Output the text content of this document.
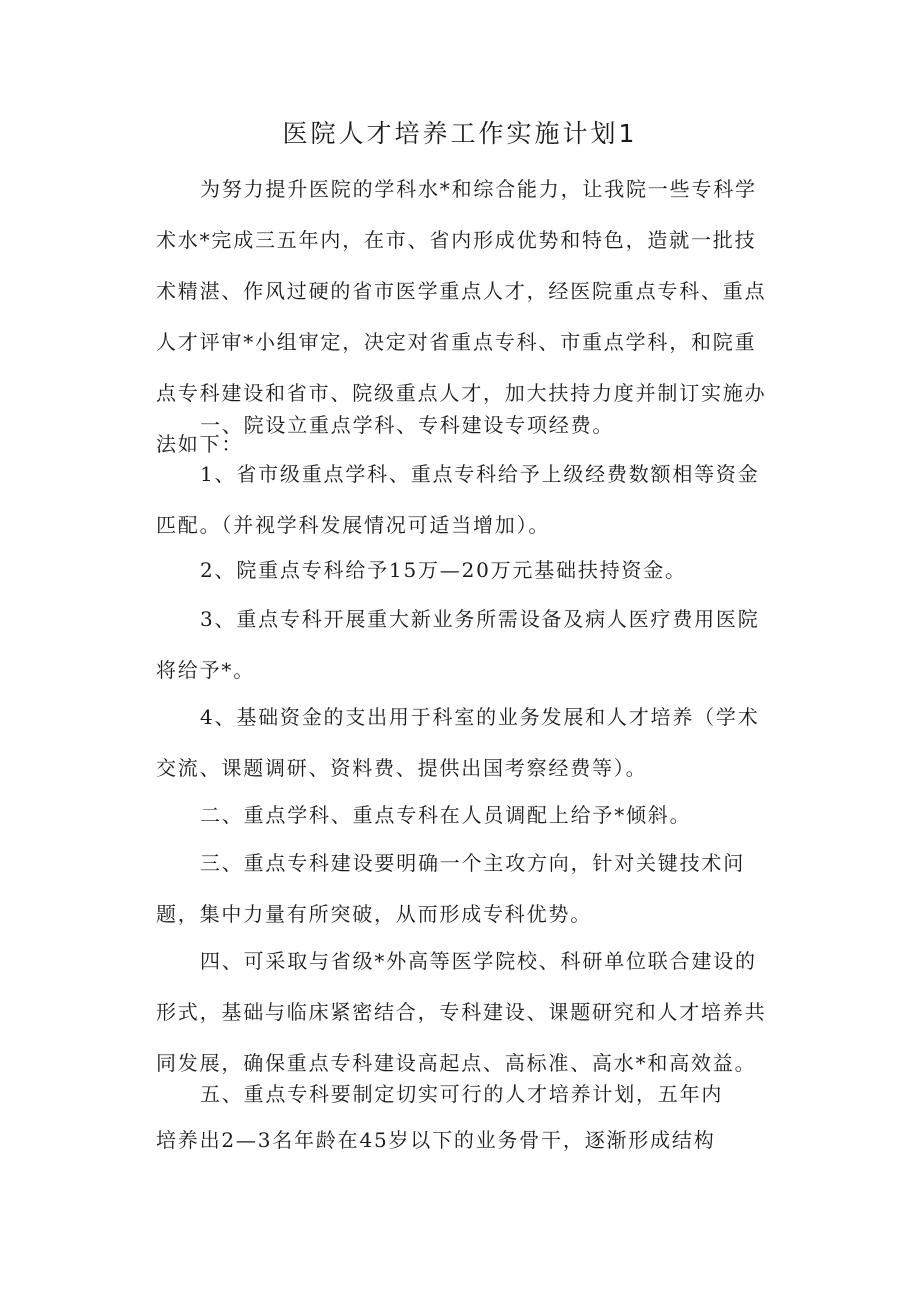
医院人才培养工作实施计划1

为努力提升医院的学科水*和综合能力，让我院一些专科学术水*完成三五年内，在市、省内形成优势和特色，造就一批技术精湛、作风过硬的省市医学重点人才，经医院重点专科、重点人才评审*小组审定，决定对省重点专科、市重点学科，和院重点专科建设和省市、院级重点人才，加大扶持力度并制订实施办法如下：

一、院设立重点学科、专科建设专项经费。

1、省市级重点学科、重点专科给予上级经费数额相等资金匹配。（并视学科发展情况可适当增加）。

2、院重点专科给予15万—20万元基础扶持资金。

3、重点专科开展重大新业务所需设备及病人医疗费用医院将给予*。

4、基础资金的支出用于科室的业务发展和人才培养（学术交流、课题调研、资料费、提供出国考察经费等）。

二、重点学科、重点专科在人员调配上给予*倾斜。

三、重点专科建设要明确一个主攻方向，针对关键技术问题，集中力量有所突破，从而形成专科优势。

四、可采取与省级*外高等医学院校、科研单位联合建设的形式，基础与临床紧密结合，专科建设、课题研究和人才培养共同发展，确保重点专科建设高起点、高标准、高水*和高效益。

五、重点专科要制定切实可行的人才培养计划，五年内

培养出2—3名年龄在45岁以下的业务骨干，逐渐形成结构
